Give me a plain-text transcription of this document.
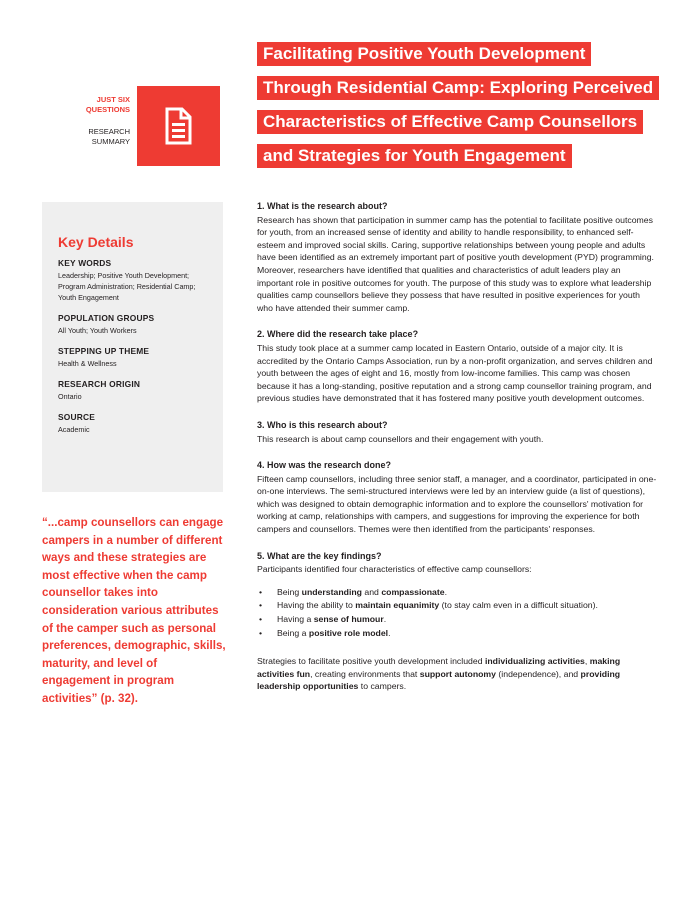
JUST SIX QUESTIONS
RESEARCH SUMMARY
Facilitating Positive Youth Development
Through Residential Camp: Exploring Perceived
Characteristics of Effective Camp Counsellors
and Strategies for Youth Engagement
Key Details
KEY WORDS
Leadership; Positive Youth Development; Program Administration; Residential Camp; Youth Engagement
POPULATION GROUPS
All Youth; Youth Workers
STEPPING UP THEME
Health & Wellness
RESEARCH ORIGIN
Ontario
SOURCE
Academic
“...camp counsellors can engage campers in a number of different ways and these strategies are most effective when the camp counsellor takes into consideration various attributes of the camper such as personal preferences, demographic, skills, maturity, and level of engagement in program activities” (p. 32).
1. What is the research about?

Research has shown that participation in summer camp has the potential to facilitate positive outcomes for youth, from an increased sense of identity and ability to handle responsibility, to enhanced self-esteem and improved social skills. Caring, supportive relationships between young people and adults have been identified as an extremely important part of positive youth development (PYD) programming. Moreover, researchers have identified that qualities and characteristics of adult leaders play an important role in positive outcomes for youth. The purpose of this study was to explore what leadership qualities camp counsellors believe they possess that have resulted in positive experiences for youth who have attended their summer camp.

2. Where did the research take place?

This study took place at a summer camp located in Eastern Ontario, outside of a major city. It is accredited by the Ontario Camps Association, run by a non-profit organization, and serves children and youth between the ages of eight and 16, mostly from low-income families. This camp was chosen because it has a long-standing, positive reputation and a strong camp counsellor training program, and previous studies have demonstrated that it has fostered many positive youth development outcomes.

3. Who is this research about?

This research is about camp counsellors and their engagement with youth.

4. How was the research done?

Fifteen camp counsellors, including three senior staff, a manager, and a coordinator, participated in one-on-one interviews. The semi-structured interviews were led by an interview guide (a list of questions), which was designed to obtain demographic information and to explore the counsellors' motivation for working at camp, relationships with campers, and suggestions for improving the experience for both campers and counsellors. Themes were then identified from the participants' responses.

5. What are the key findings?
Participants identified four characteristics of effective camp counsellors:
• Being understanding and compassionate.
• Having the ability to maintain equanimity (to stay calm even in a difficult situation).
• Having a sense of humour.
• Being a positive role model.

Strategies to facilitate positive youth development included individualizing activities, making activities fun, creating environments that support autonomy (independence), and providing leadership opportunities to campers.
